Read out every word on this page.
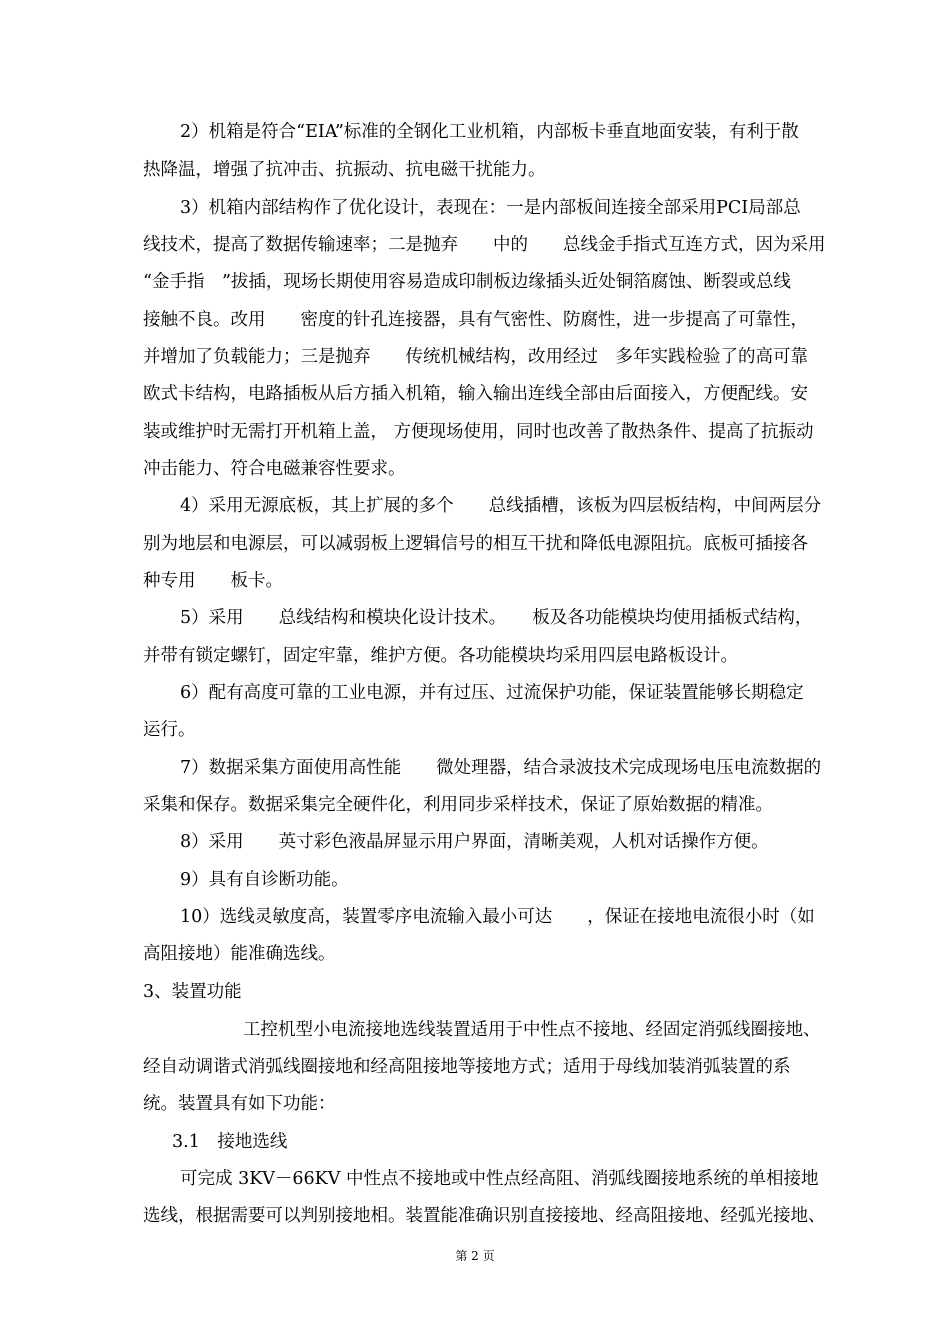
2）机箱是符合“EIA”标准的全钢化工业机箱，内部板卡垂直地面安装，有利于散
热降温，增强了抗冲击、抗振动、抗电磁干扰能力。
3）机箱内部结构作了优化设计，表现在：一是内部板间连接全部采用PCI局部总
线技术，提高了数据传输速率；二是抛弃　　中的　　总线金手指式互连方式，因为采用
“金手指　”拔插，现场长期使用容易造成印制板边缘插头近处铜箔腐蚀、断裂或总线
接触不良。改用　　密度的针孔连接器，具有气密性、防腐性，进一步提高了可靠性，
并增加了负载能力；三是抛弃　　传统机械结构，改用经过　多年实践检验了的高可靠
欧式卡结构，电路插板从后方插入机箱，输入输出连线全部由后面接入，方便配线。安
装或维护时无需打开机箱上盖， 方便现场使用，同时也改善了散热条件、提高了抗振动
冲击能力、符合电磁兼容性要求。
4）采用无源底板，其上扩展的多个　　总线插槽，该板为四层板结构，中间两层分
别为地层和电源层，可以减弱板上逻辑信号的相互干扰和降低电源阻抗。底板可插接各
种专用　　板卡。
5）采用　　总线结构和模块化设计技术。　　板及各功能模块均使用插板式结构，
并带有锁定螺钉，固定牢靠，维护方便。各功能模块均采用四层电路板设计。
6）配有高度可靠的工业电源，并有过压、过流保护功能，保证装置能够长期稳定
运行。
7）数据采集方面使用高性能　　微处理器，结合录波技术完成现场电压电流数据的
采集和保存。数据采集完全硬件化，利用同步采样技术，保证了原始数据的精准。
8）采用　　英寸彩色液晶屏显示用户界面，清晰美观，人机对话操作方便。
9）具有自诊断功能。
10）选线灵敏度高，装置零序电流输入最小可达　　，保证在接地电流很小时（如
高阻接地）能准确选线。
3、装置功能
工控机型小电流接地选线装置适用于中性点不接地、经固定消弧线圈接地、
经自动调谐式消弧线圈接地和经高阻接地等接地方式；适用于母线加装消弧装置的系
统。装置具有如下功能：
3.1　接地选线
可完成 3KV－66KV 中性点不接地或中性点经高阻、消弧线圈接地系统的单相接地
选线，根据需要可以判别接地相。装置能准确识别直接接地、经高阻接地、经弧光接地、
第 2 页
